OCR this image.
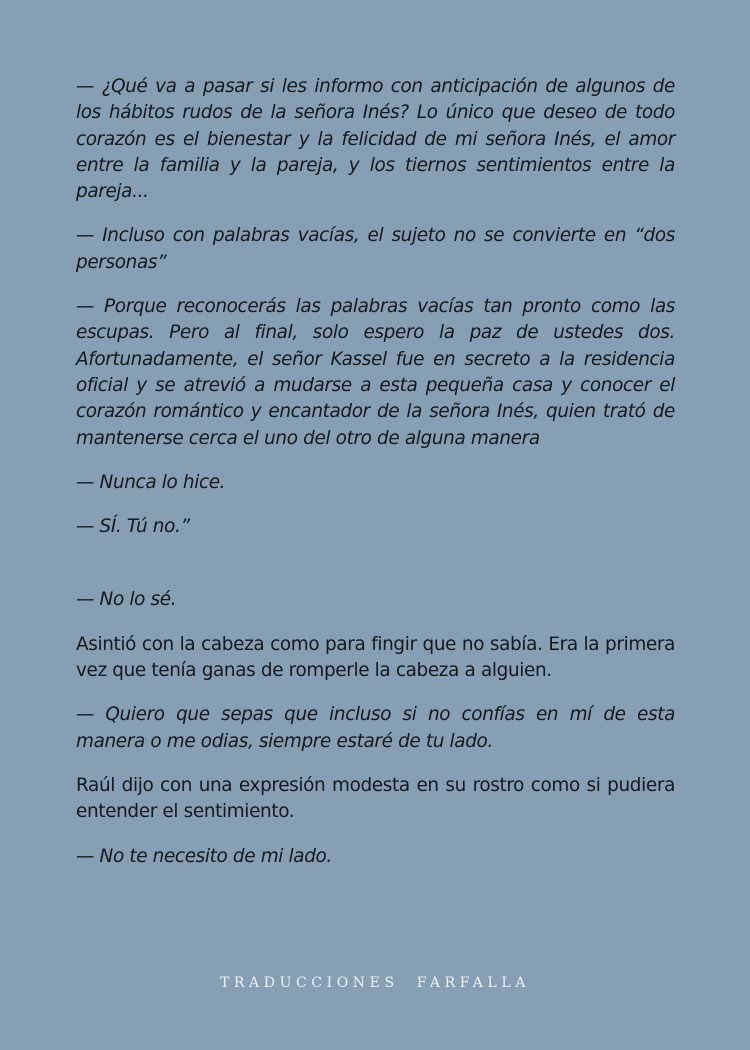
— ¿Qué va a pasar si les informo con anticipación de algunos de los hábitos rudos de la señora Inés? Lo único que deseo de todo corazón es el bienestar y la felicidad de mi señora Inés, el amor entre la familia y la pareja, y los tiernos sentimientos entre la pareja...

— Incluso con palabras vacías, el sujeto no se convierte en “dos personas”

— Porque reconocerás las palabras vacías tan pronto como las escupas. Pero al final, solo espero la paz de ustedes dos. Afortunadamente, el señor Kassel fue en secreto a la residencia oficial y se atrevió a mudarse a esta pequeña casa y conocer el corazón romántico y encantador de la señora Inés, quien trató de mantenerse cerca el uno del otro de alguna manera

— Nunca lo hice.

— SÍ. Tú no.”

— No lo sé.

Asintió con la cabeza como para fingir que no sabía. Era la primera vez que tenía ganas de romperle la cabeza a alguien.

— Quiero que sepas que incluso si no confías en mí de esta manera o me odias, siempre estaré de tu lado.

Raúl dijo con una expresión modesta en su rostro como si pudiera entender el sentimiento.

— No te necesito de mi lado.

TRADUCCIONES  FARFALLA
